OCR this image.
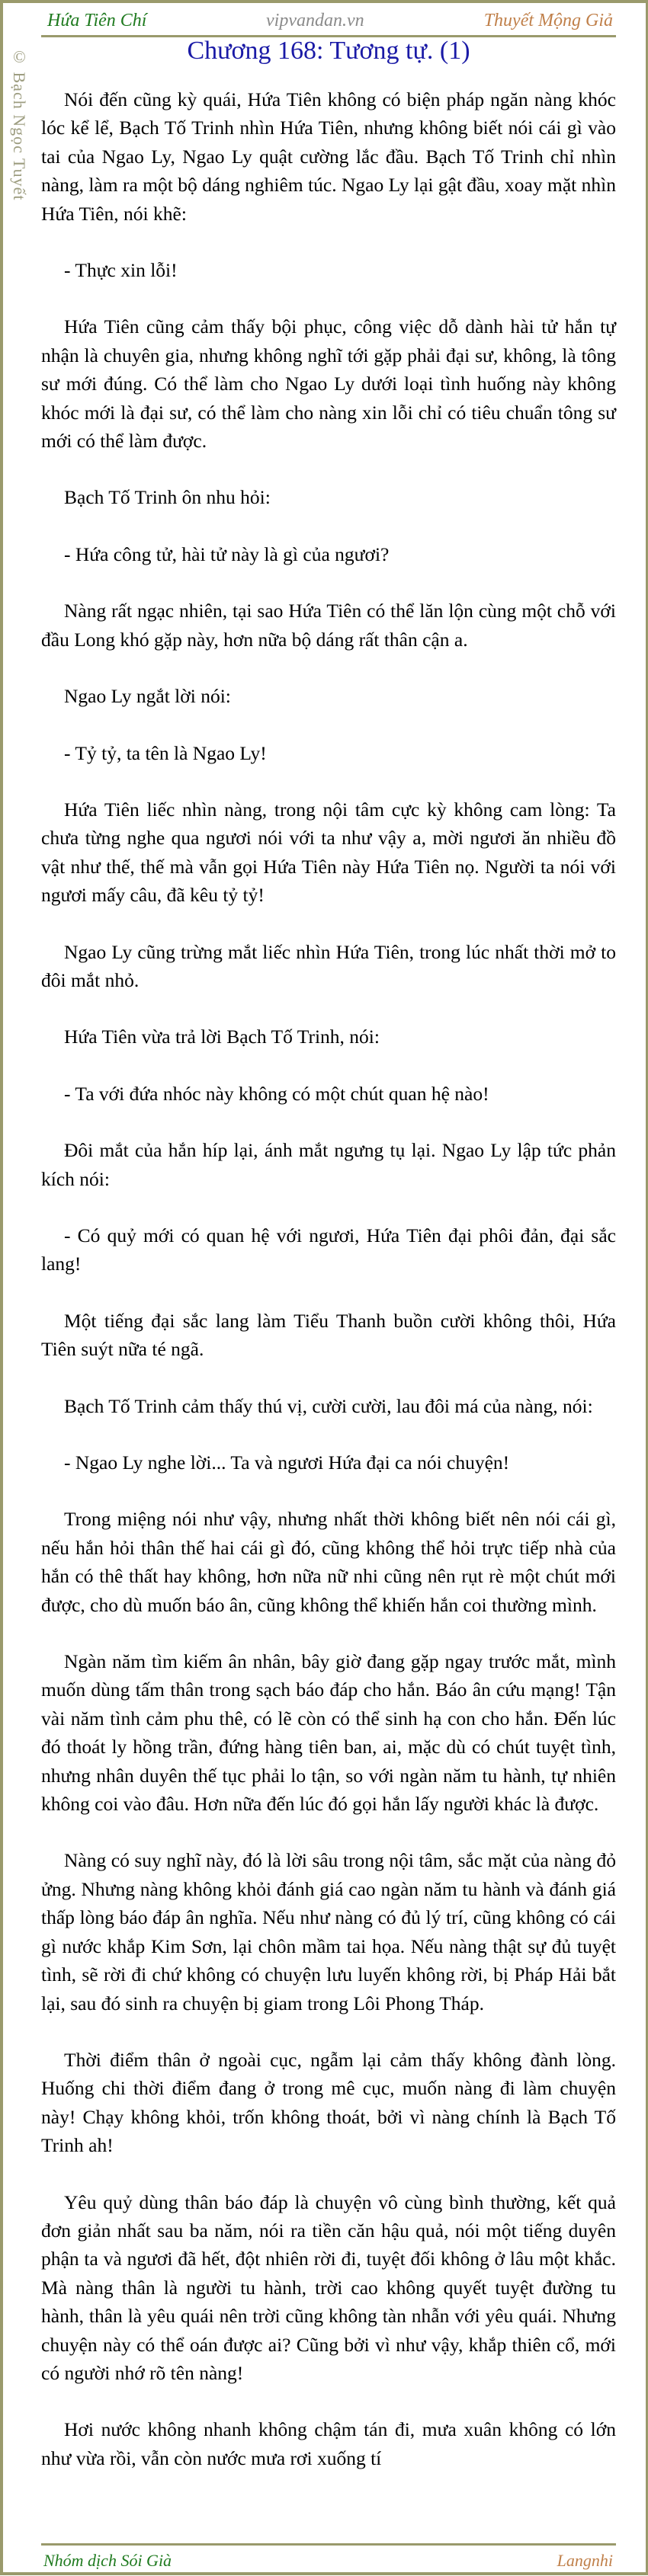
© Bạch Ngọc Tuyết
Hứa Tiên Chí	vipvandan.vn	Thuyết Mộng Giả
Chương 168: Tương tự. (1)

Nói đến cũng kỳ quái, Hứa Tiên không có biện pháp ngăn nàng khóc lóc kể lể, Bạch Tố Trinh nhìn Hứa Tiên, nhưng không biết nói cái gì vào tai của Ngao Ly, Ngao Ly quật cường lắc đầu. Bạch Tố Trinh chỉ nhìn nàng, làm ra một bộ dáng nghiêm túc. Ngao Ly lại gật đầu, xoay mặt nhìn Hứa Tiên, nói khẽ:

- Thực xin lỗi!

Hứa Tiên cũng cảm thấy bội phục, công việc dỗ dành hài tử hắn tự nhận là chuyên gia, nhưng không nghĩ tới gặp phải đại sư, không, là tông sư mới đúng. Có thể làm cho Ngao Ly dưới loại tình huống này không khóc mới là đại sư, có thể làm cho nàng xin lỗi chỉ có tiêu chuẩn tông sư mới có thể làm được.

Bạch Tố Trinh ôn nhu hỏi:

- Hứa công tử, hài tử này là gì của ngươi?

Nàng rất ngạc nhiên, tại sao Hứa Tiên có thể lăn lộn cùng một chỗ với đầu Long khó gặp này, hơn nữa bộ dáng rất thân cận a.

Ngao Ly ngắt lời nói:

- Tỷ tỷ, ta tên là Ngao Ly!

Hứa Tiên liếc nhìn nàng, trong nội tâm cực kỳ không cam lòng: Ta chưa từng nghe qua ngươi nói với ta như vậy a, mời ngươi ăn nhiều đồ vật như thế, thế mà vẫn gọi Hứa Tiên này Hứa Tiên nọ. Người ta nói với ngươi mấy câu, đã kêu tỷ tỷ!

Ngao Ly cũng trừng mắt liếc nhìn Hứa Tiên, trong lúc nhất thời mở to đôi mắt nhỏ.

Hứa Tiên vừa trả lời Bạch Tố Trinh, nói:

- Ta với đứa nhóc này không có một chút quan hệ nào!

Đôi mắt của hắn híp lại, ánh mắt ngưng tụ lại. Ngao Ly lập tức phản kích nói:

- Có quỷ mới có quan hệ với ngươi, Hứa Tiên đại phôi đản, đại sắc lang!

Một tiếng đại sắc lang làm Tiểu Thanh buồn cười không thôi, Hứa Tiên suýt nữa té ngã.

Bạch Tố Trinh cảm thấy thú vị, cười cười, lau đôi má của nàng, nói:

- Ngao Ly nghe lời... Ta và ngươi Hứa đại ca nói chuyện!

Trong miệng nói như vậy, nhưng nhất thời không biết nên nói cái gì, nếu hắn hỏi thân thế hai cái gì đó, cũng không thể hỏi trực tiếp nhà của hắn có thê thất hay không, hơn nữa nữ nhi cũng nên rụt rè một chút mới được, cho dù muốn báo ân, cũng không thể khiến hắn coi thường mình.

Ngàn năm tìm kiếm ân nhân, bây giờ đang gặp ngay trước mắt, mình muốn dùng tấm thân trong sạch báo đáp cho hắn. Báo ân cứu mạng! Tận vài năm tình cảm phu thê, có lẽ còn có thể sinh hạ con cho hắn. Đến lúc đó thoát ly hồng trần, đứng hàng tiên ban, ai, mặc dù có chút tuyệt tình, nhưng nhân duyên thế tục phải lo tận, so với ngàn năm tu hành, tự nhiên không coi vào đâu. Hơn nữa đến lúc đó gọi hắn lấy người khác là được.

Nàng có suy nghĩ này, đó là lời sâu trong nội tâm, sắc mặt của nàng đỏ ửng. Nhưng nàng không khỏi đánh giá cao ngàn năm tu hành và đánh giá thấp lòng báo đáp ân nghĩa. Nếu như nàng có đủ lý trí, cũng không có cái gì nước khắp Kim Sơn, lại chôn mầm tai họa. Nếu nàng thật sự đủ tuyệt tình, sẽ rời đi chứ không có chuyện lưu luyến không rời, bị Pháp Hải bắt lại, sau đó sinh ra chuyện bị giam trong Lôi Phong Tháp.

Thời điểm thân ở ngoài cục, ngẫm lại cảm thấy không đành lòng. Huống chi thời điểm đang ở trong mê cục, muốn nàng đi làm chuyện này! Chạy không khỏi, trốn không thoát, bởi vì nàng chính là Bạch Tố Trinh ah!

Yêu quỷ dùng thân báo đáp là chuyện vô cùng bình thường, kết quả đơn giản nhất sau ba năm, nói ra tiền căn hậu quả, nói một tiếng duyên phận ta và ngươi đã hết, đột nhiên rời đi, tuyệt đối không ở lâu một khắc. Mà nàng thân là người tu hành, trời cao không quyết tuyệt đường tu hành, thân là yêu quái nên trời cũng không tàn nhẫn với yêu quái. Nhưng chuyện này có thể oán được ai? Cũng bởi vì như vậy, khắp thiên cổ, mới có người nhớ rõ tên nàng!

Hơi nước không nhanh không chậm tán đi, mưa xuân không có lớn như vừa rồi, vẫn còn nước mưa rơi xuống tí

Nhóm dịch Sói Già	Langnhi
